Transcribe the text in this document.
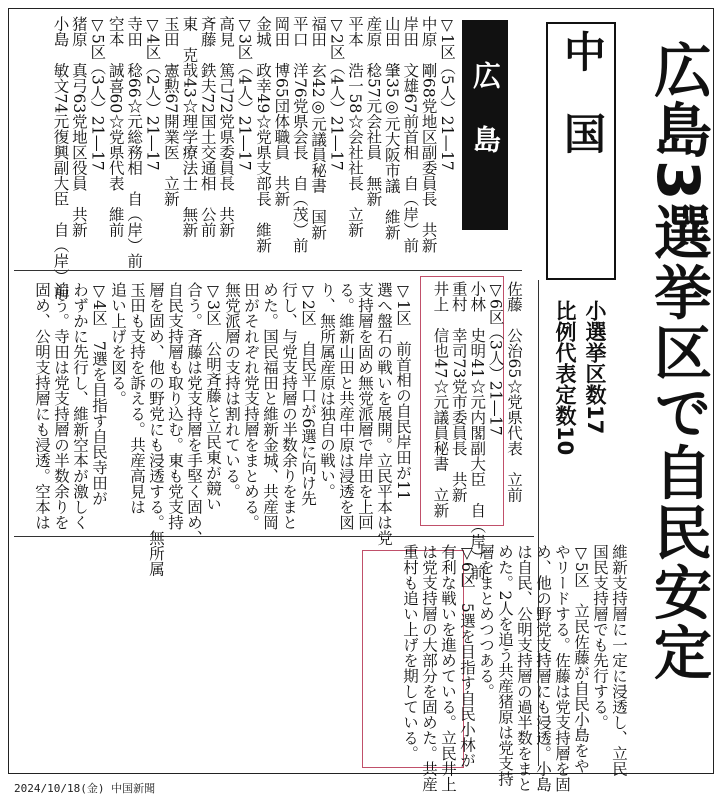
広島3選挙区で自民安定
中国
小選挙区数17
比例代表定数10
広島
▽1区（5人）21―17
中原　剛68党地区副委員長　共新
岸田　文雄67前首相　自（岸）前
山田　肇35◎元大阪市議　維新
産原　稔57元会社員　無新
平本　浩一58☆会社社長　立新
▽2区（4人）21―17
福田　玄42◎元議員秘書　国新
平口　洋76党県会長　自（茂）前
岡田　博65団体職員　共新
金城　政幸49☆党県支部長　維新
▽3区（4人）21―17
高見　篤己72党県委員長　共新
斉藤　鉄夫72国土交通相　公前
東　克哉43☆理学療法士　無新
玉田　憲勲67開業医　立新
▽4区（2人）21―17
寺田　稔66☆元総務相　自（岸）前
空本　誠喜60☆党県代表　維前
▽5区（3人）21―17
猪原　真弓63党地区役員　共新
小島　敏文74元復興副大臣　自（岸）前	佐藤　公治65☆党県代表　立前
▽6区（3人）21―17
小林　史明41☆元内閣副大臣　自（岸）前
重村　幸司73党市委員長　共新
井上　信也47☆元議員秘書　立新
▽1区　前首相の自民岸田が11
選へ盤石の戦いを展開。立民平本は党
支持層を固め無党派層で岸田を上回
る。維新山田と共産中原は浸透を図
り、無所属産原は独自の戦い。
▽2区　自民平口が6選に向け先
行し、与党支持層の半数余りをまと
めた。国民福田と維新金城、共産岡
田がそれぞれ党支持層をまとめる。
無党派層の支持は割れている。
▽3区　公明斉藤と立民東が競い
合う。斉藤は党支持層を手堅く固め、
自民支持層も取り込む。東も党支持
層を固め、他の野党にも浸透する。無所属
玉田も支持を訴える。共産高見は
追い上げを図る。
▽4区　7選を目指す自民寺田が
わずかに先行し、維新空本が激しく
追う。寺田は党支持層の半数余りを
固め、公明支持層にも浸透。空本は
維新支持層に一定に浸透し、立民
国民支持層でも先行する。
▽5区　立民佐藤が自民小島をや
やリードする。佐藤は党支持層を固
め、他の野党支持層にも浸透。小島
は自民、公明支持層の過半数をまと
めた。2人を追う共産猪原は党支持
層をまとめつつある。
▽6区　5選を目指す自民小林が
有利な戦いを進めている。立民井上
は党支持層の大部分を固めた。共産
重村も追い上げを期している。
2024/10/18(金) 中国新聞
